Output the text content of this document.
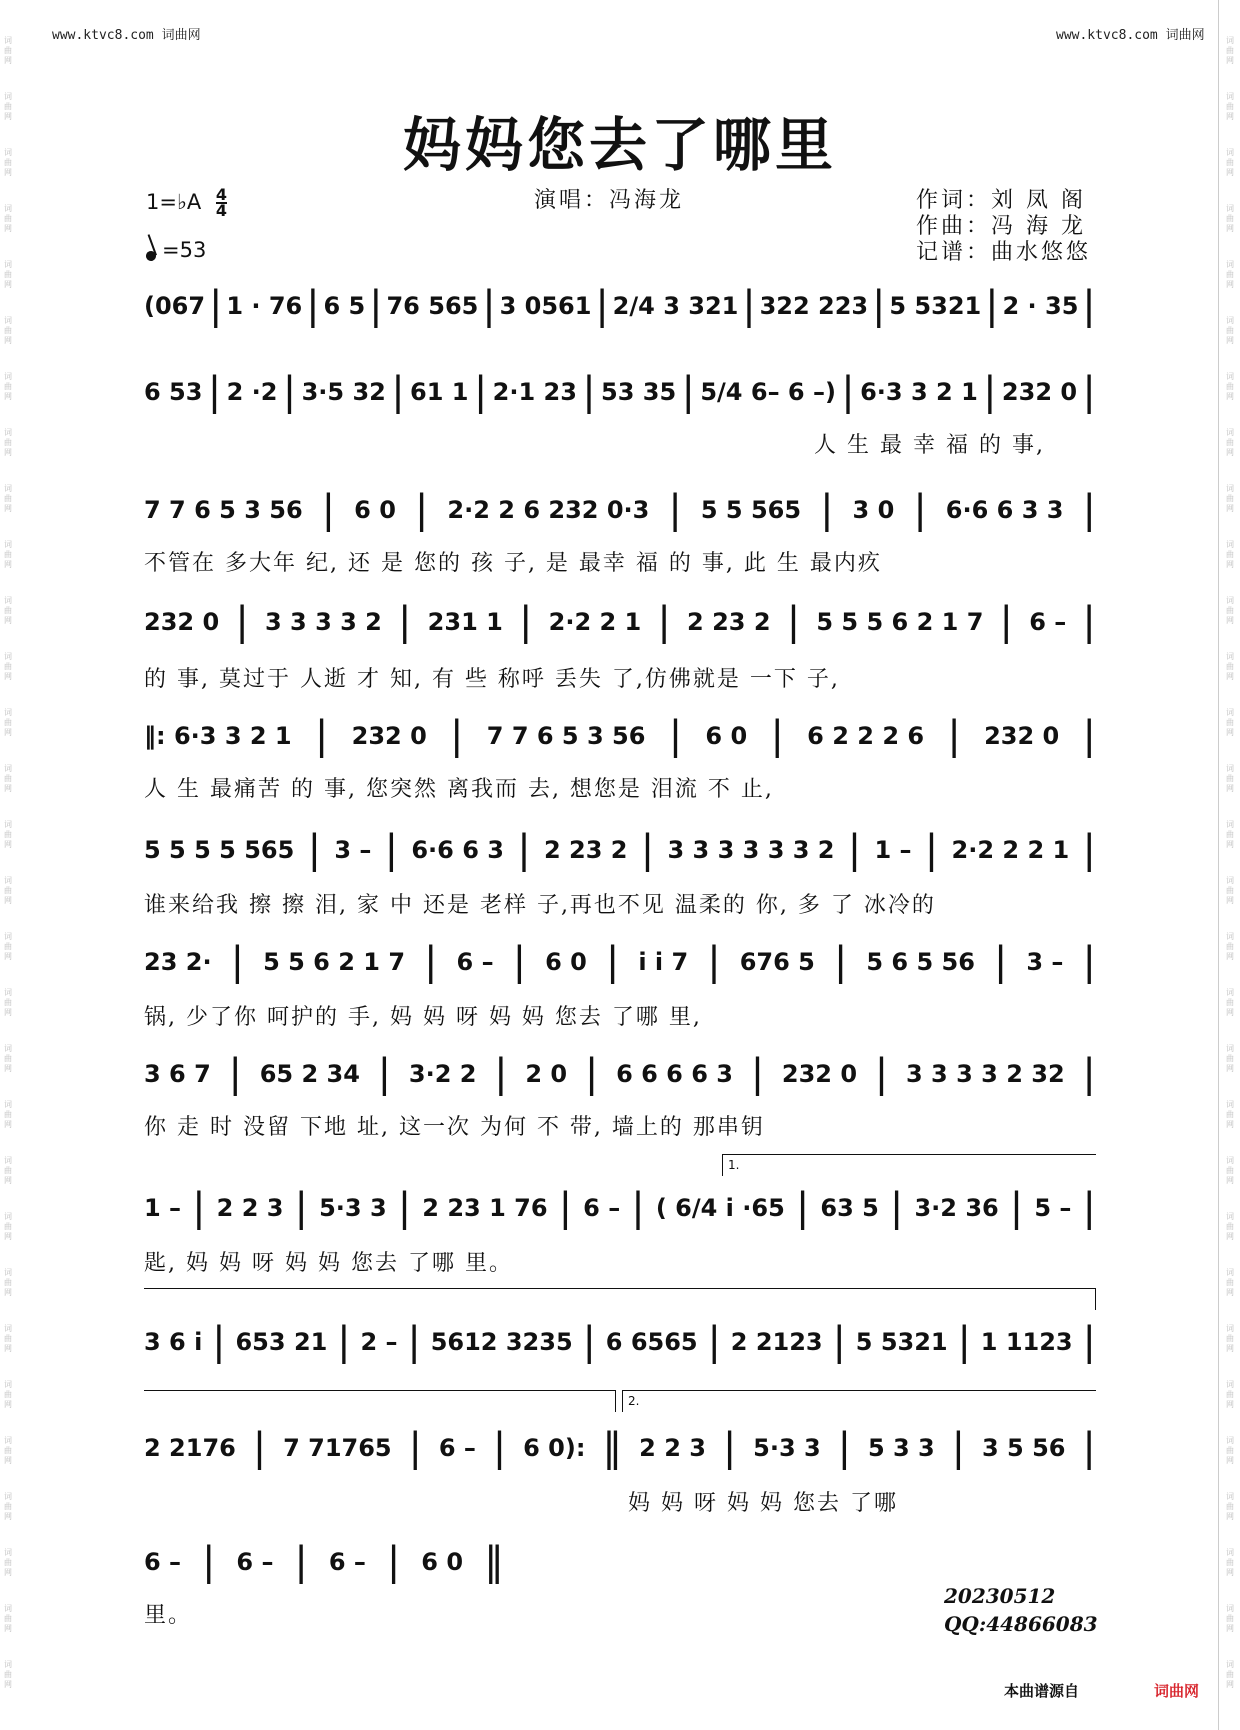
www.ktvc8.com 词曲网	www.ktvc8.com 词曲网
词
曲
网
词
曲
网
词
曲
网
词
曲
网
词
曲
网
词
曲
网
词
曲
网
词
曲
网
词
曲
网
词
曲
网
词
曲
网
词
曲
网
词
曲
网
词
曲
网
词
曲
网
词
曲
网
词
曲
网
词
曲
网
词
曲
网
词
曲
网
词
曲
网
词
曲
网
词
曲
网
词
曲
网
词
曲
网
词
曲
网
词
曲
网
词
曲
网
词
曲
网
词
曲
网
词
曲
网
词
曲
网
词
曲
网
词
曲
网
词
曲
网
词
曲
网
词
曲
网
词
曲
网
词
曲
网
词
曲
网
词
曲
网
词
曲
网
词
曲
网
词
曲
网
词
曲
网
词
曲
网
词
曲
网
词
曲
网
词
曲
网
词
曲
网
词
曲
网
词
曲
网
词
曲
网
词
曲
网
词
曲
网
词
曲
网
词
曲
网
词
曲
网
词
曲
网
词
曲
网
妈妈您去了哪里
1=♭A $\frac{4}{4}$
=53
演唱：冯海龙	作词：刘 凤 阁
作曲：冯 海 龙
记谱：曲水悠悠
(067 | 1 · 76 | 6 5 | 76 565 | 3 0561 | 2/4 3 321 | 322 223 | 5 5321 | 2 · 35 |
6 53 | 2 ·2 | 3·5 32 | 61 1 | 2·1 23 | 53 35 | 5/4 6– 6 –) | 6·3 3 2 1 | 232 0 |
人 生 最 幸 福 的 事,
7 7 6 5 3 56 | 6 0 | 2·2 2 6 232 0·3 | 5 5 565 | 3 0 | 6·6 6 3 3 |
不管在 多大年 纪, 还 是 您的 孩 子, 是 最幸 福 的 事, 此 生 最内疚
232 0 | 3 3 3 3 2 | 231 1 | 2·2 2 1 | 2 23 2 | 5 5 5 6 2 1 7 | 6 – |
的 事, 莫过于 人逝 才 知, 有 些 称呼 丢失 了,仿佛就是 一下 子,
‖: 6·3 3 2 1 | 232 0 | 7 7 6 5 3 56 | 6 0 | 6 2 2 2 6 | 232 0 |
人 生 最痛苦 的 事, 您突然 离我而 去, 想您是 泪流 不 止,
5 5 5 5 565 | 3 – | 6·6 6 3 | 2 23 2 | 3 3 3 3 3 3 2 | 1 – | 2·2 2 2 1 |
谁来给我 擦 擦 泪, 家 中 还是 老样 子,再也不见 温柔的 你, 多 了 冰冷的
23 2· | 5 5 6 2 1 7 | 6 – | 6 0 | i i 7 | 676 5 | 5 6 5 56 | 3 – |
锅, 少了你 呵护的 手, 妈 妈 呀 妈 妈 您去 了哪 里,
3 6 7 | 65 2 34 | 3·2 2 | 2 0 | 6 6 6 6 3 | 232 0 | 3 3 3 3 2 32 |
你 走 时 没留 下地 址, 这一次 为何 不 带, 墙上的 那串钥
1 – | 2 2 3 | 5·3 3 | 2 23 1 76 | 6 – | ( 6/4 i ·65 | 63 5 | 3·2 36 | 5 – |
匙, 妈 妈 呀 妈 妈 您去 了哪 里。
3 6 i | 653 21 | 2 – | 5612 3235 | 6 6565 | 2 2123 | 5 5321 | 1 1123 |
2 2176 | 7 71765 | 6 – | 6 0): ‖ 2 2 3 | 5·3 3 | 5 3 3 | 3 5 56 |
妈 妈 呀 妈 妈 您去 了哪
6 – | 6 – | 6 – | 6 0 ‖
里。
1.
2.
20230512
QQ:44866083
本曲谱源自	词曲网
